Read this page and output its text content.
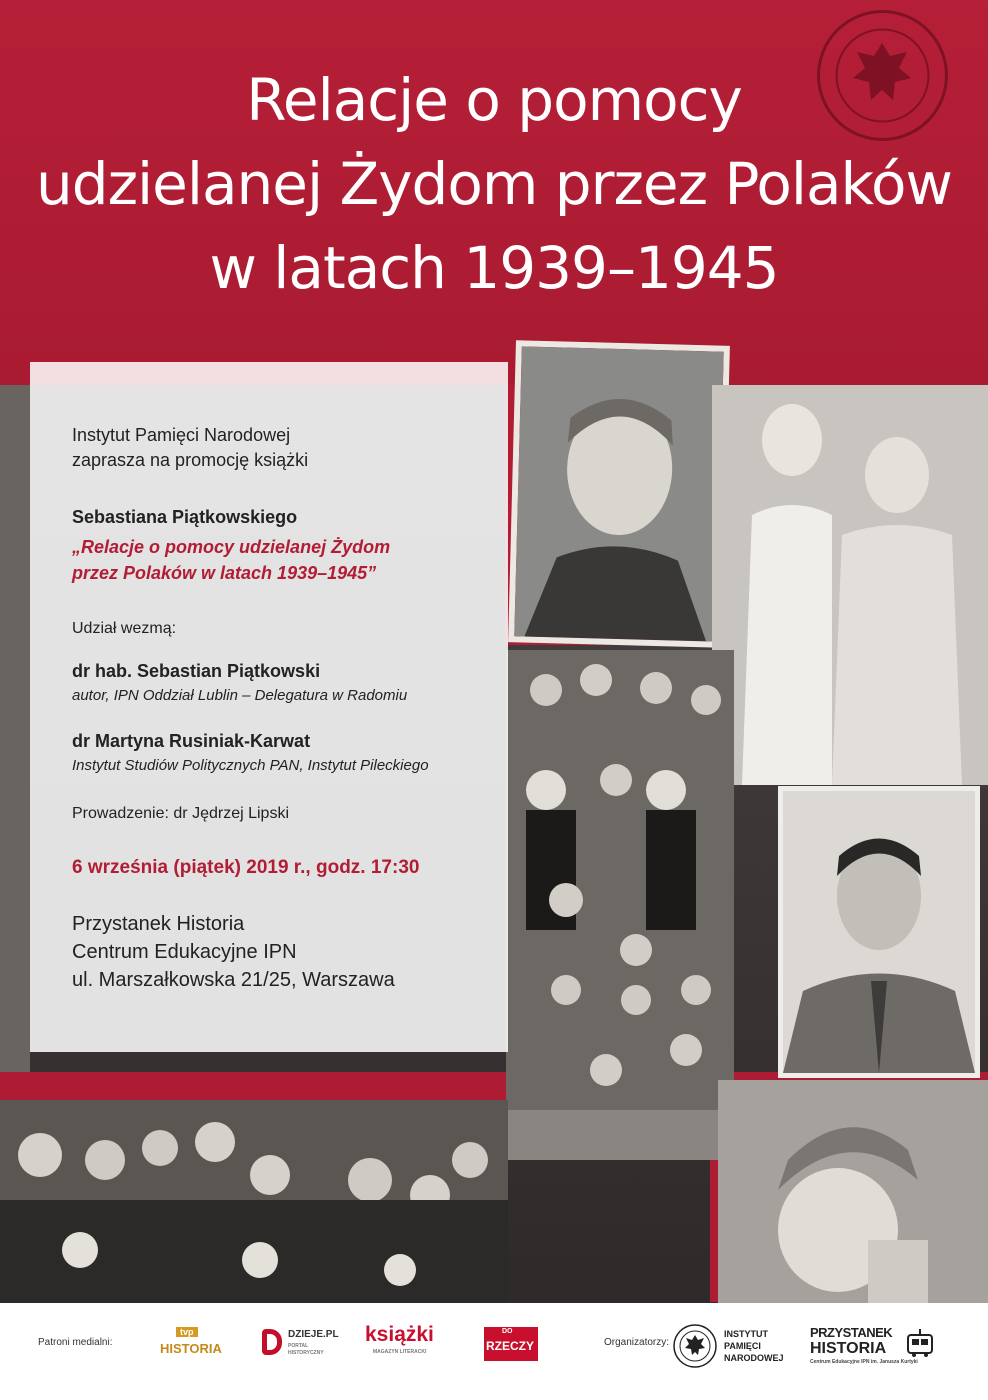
Relacje o pomocy
udzielanej Żydom przez Polaków
w latach 1939–1945
Instytut Pamięci Narodowej
zaprasza na promocję książki
Sebastiana Piątkowskiego
„Relacje o pomocy udzielanej Żydom
przez Polaków w latach 1939–1945”
Udział wezmą:
dr hab. Sebastian Piątkowski
autor, IPN Oddział Lublin – Delegatura w Radomiu
dr Martyna Rusiniak-Karwat
Instytut Studiów Politycznych PAN, Instytut Pileckiego
Prowadzenie: dr Jędrzej Lipski
6 września (piątek) 2019 r., godz. 17:30
Przystanek Historia
Centrum Edukacyjne IPN
ul. Marszałkowska 21/25, Warszawa
Patroni medialni:
tvp
HISTORIA
DZIEJE.PL
PORTAL HISTORYCZNY
książki
MAGAZYN LITERACKI
DO
RZECZY	Organizatorzy:
INSTYTUT
PAMIĘCI
NARODOWEJ
PRZYSTANEK
HISTORIA
Centrum Edukacyjne IPN im. Janusza Kurtyki
